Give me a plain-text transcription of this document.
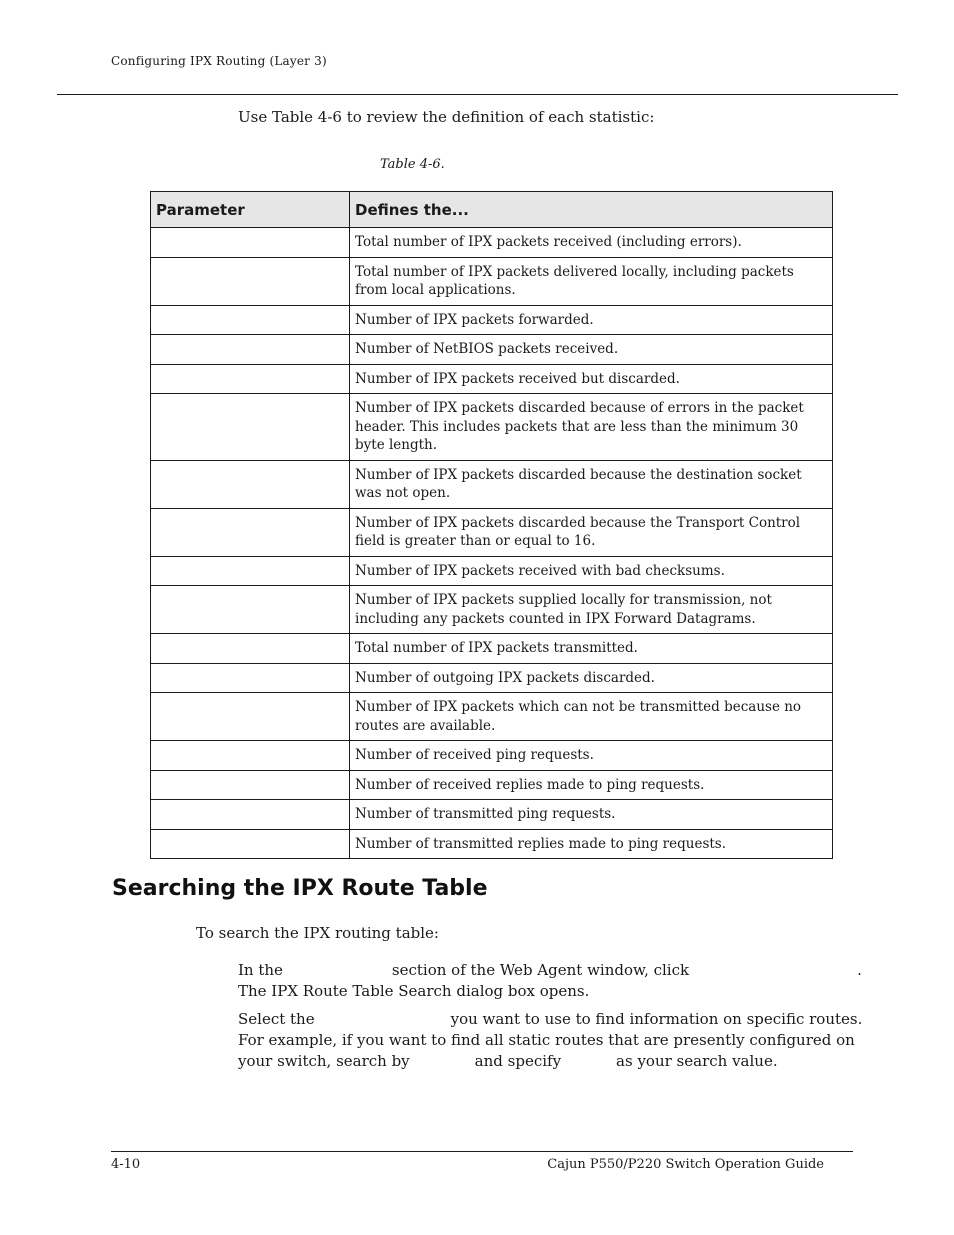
Configuring IPX Routing (Layer 3)
Use Table 4-6 to review the definition of each statistic:
Table 4-6.
Parameter	Defines the...
	Total number of IPX packets received (including errors).
	Total number of IPX packets delivered locally, including packets from local applications.
	Number of IPX packets forwarded.
	Number of NetBIOS packets received.
	Number of IPX packets received but discarded.
	Number of IPX packets discarded because of errors in the packet header. This includes packets that are less than the minimum 30 byte length.
	Number of IPX packets discarded because the destination socket was not open.
	Number of IPX packets discarded because the Transport Control field is greater than or equal to 16.
	Number of IPX packets received with bad checksums.
	Number of IPX packets supplied locally for transmission, not including any packets counted in IPX Forward Datagrams.
	Total number of IPX packets transmitted.
	Number of outgoing IPX packets discarded.
	Number of IPX packets which can not be transmitted because no routes are available.
	Number of received ping requests.
	Number of received replies made to ping requests.
	Number of transmitted ping requests.
	Number of transmitted replies made to ping requests.
Searching the IPX Route Table
To search the IPX routing table:
In the	section of the Web Agent window, click	.
The IPX Route Table Search dialog box opens.
Select the	you want to use to find information on specific routes.
For example, if you want to find all static routes that are presently configured on
your switch, search by	and specify	as your search value.
4-10	Cajun P550/P220 Switch Operation Guide
